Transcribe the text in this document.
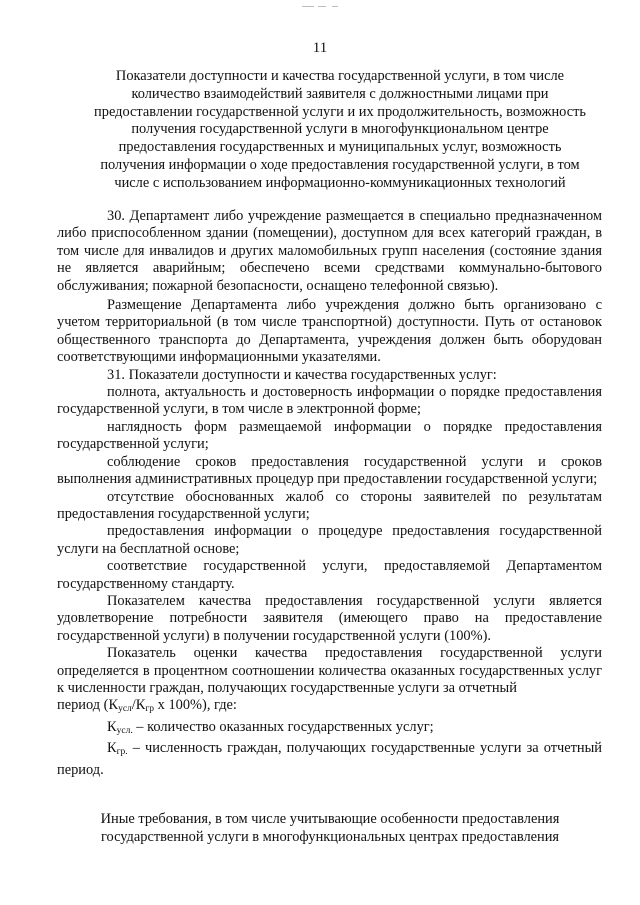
11
Показатели доступности и качества государственной услуги, в том числе
количество взаимодействий заявителя с должностными лицами при
предоставлении государственной услуги и их продолжительность, возможность
получения государственной услуги в многофункциональном центре
предоставления государственных и муниципальных услуг, возможность
получения информации о ходе предоставления государственной услуги, в том
числе с использованием информационно-коммуникационных технологий

30. Департамент либо учреждение размещается в специально предназначенном либо приспособленном здании (помещении), доступном для всех категорий граждан, в том числе для инвалидов и других маломобильных групп населения (состояние здания не является аварийным; обеспечено всеми средствами коммунально-бытового обслуживания; пожарной безопасности, оснащено телефонной связью).

Размещение Департамента либо учреждения должно быть организовано с учетом территориальной (в том числе транспортной) доступности. Путь от остановок общественного транспорта до Департамента, учреждения должен быть оборудован соответствующими информационными указателями.

31. Показатели доступности и качества государственных услуг:

полнота, актуальность и достоверность информации о порядке предоставления государственной услуги, в том числе в электронной форме;

наглядность форм размещаемой информации о порядке предоставления государственной услуги;

соблюдение сроков предоставления государственной услуги и сроков выполнения административных процедур при предоставлении государственной услуги;

отсутствие обоснованных жалоб со стороны заявителей по результатам предоставления государственной услуги;

предоставления информации о процедуре предоставления государственной услуги на бесплатной основе;

соответствие государственной услуги, предоставляемой Департаментом государственному стандарту.

Показателем качества предоставления государственной услуги является удовлетворение потребности заявителя (имеющего право на предоставление государственной услуги) в получении государственной услуги (100%).

Показатель оценки качества предоставления государственной услуги определяется в процентном соотношении количества оказанных государственных услуг к численности граждан, получающих государственные услуги за отчетный

период ($К_{усл}/К_{гр}$ х 100%), где:

$К_{усл.}$ – количество оказанных государственных услуг;

$К_{гр.}$ – численность граждан, получающих государственные услуги за отчетный период.

Иные требования, в том числе учитывающие особенности предоставления
государственной услуги в многофункциональных центрах предоставления
